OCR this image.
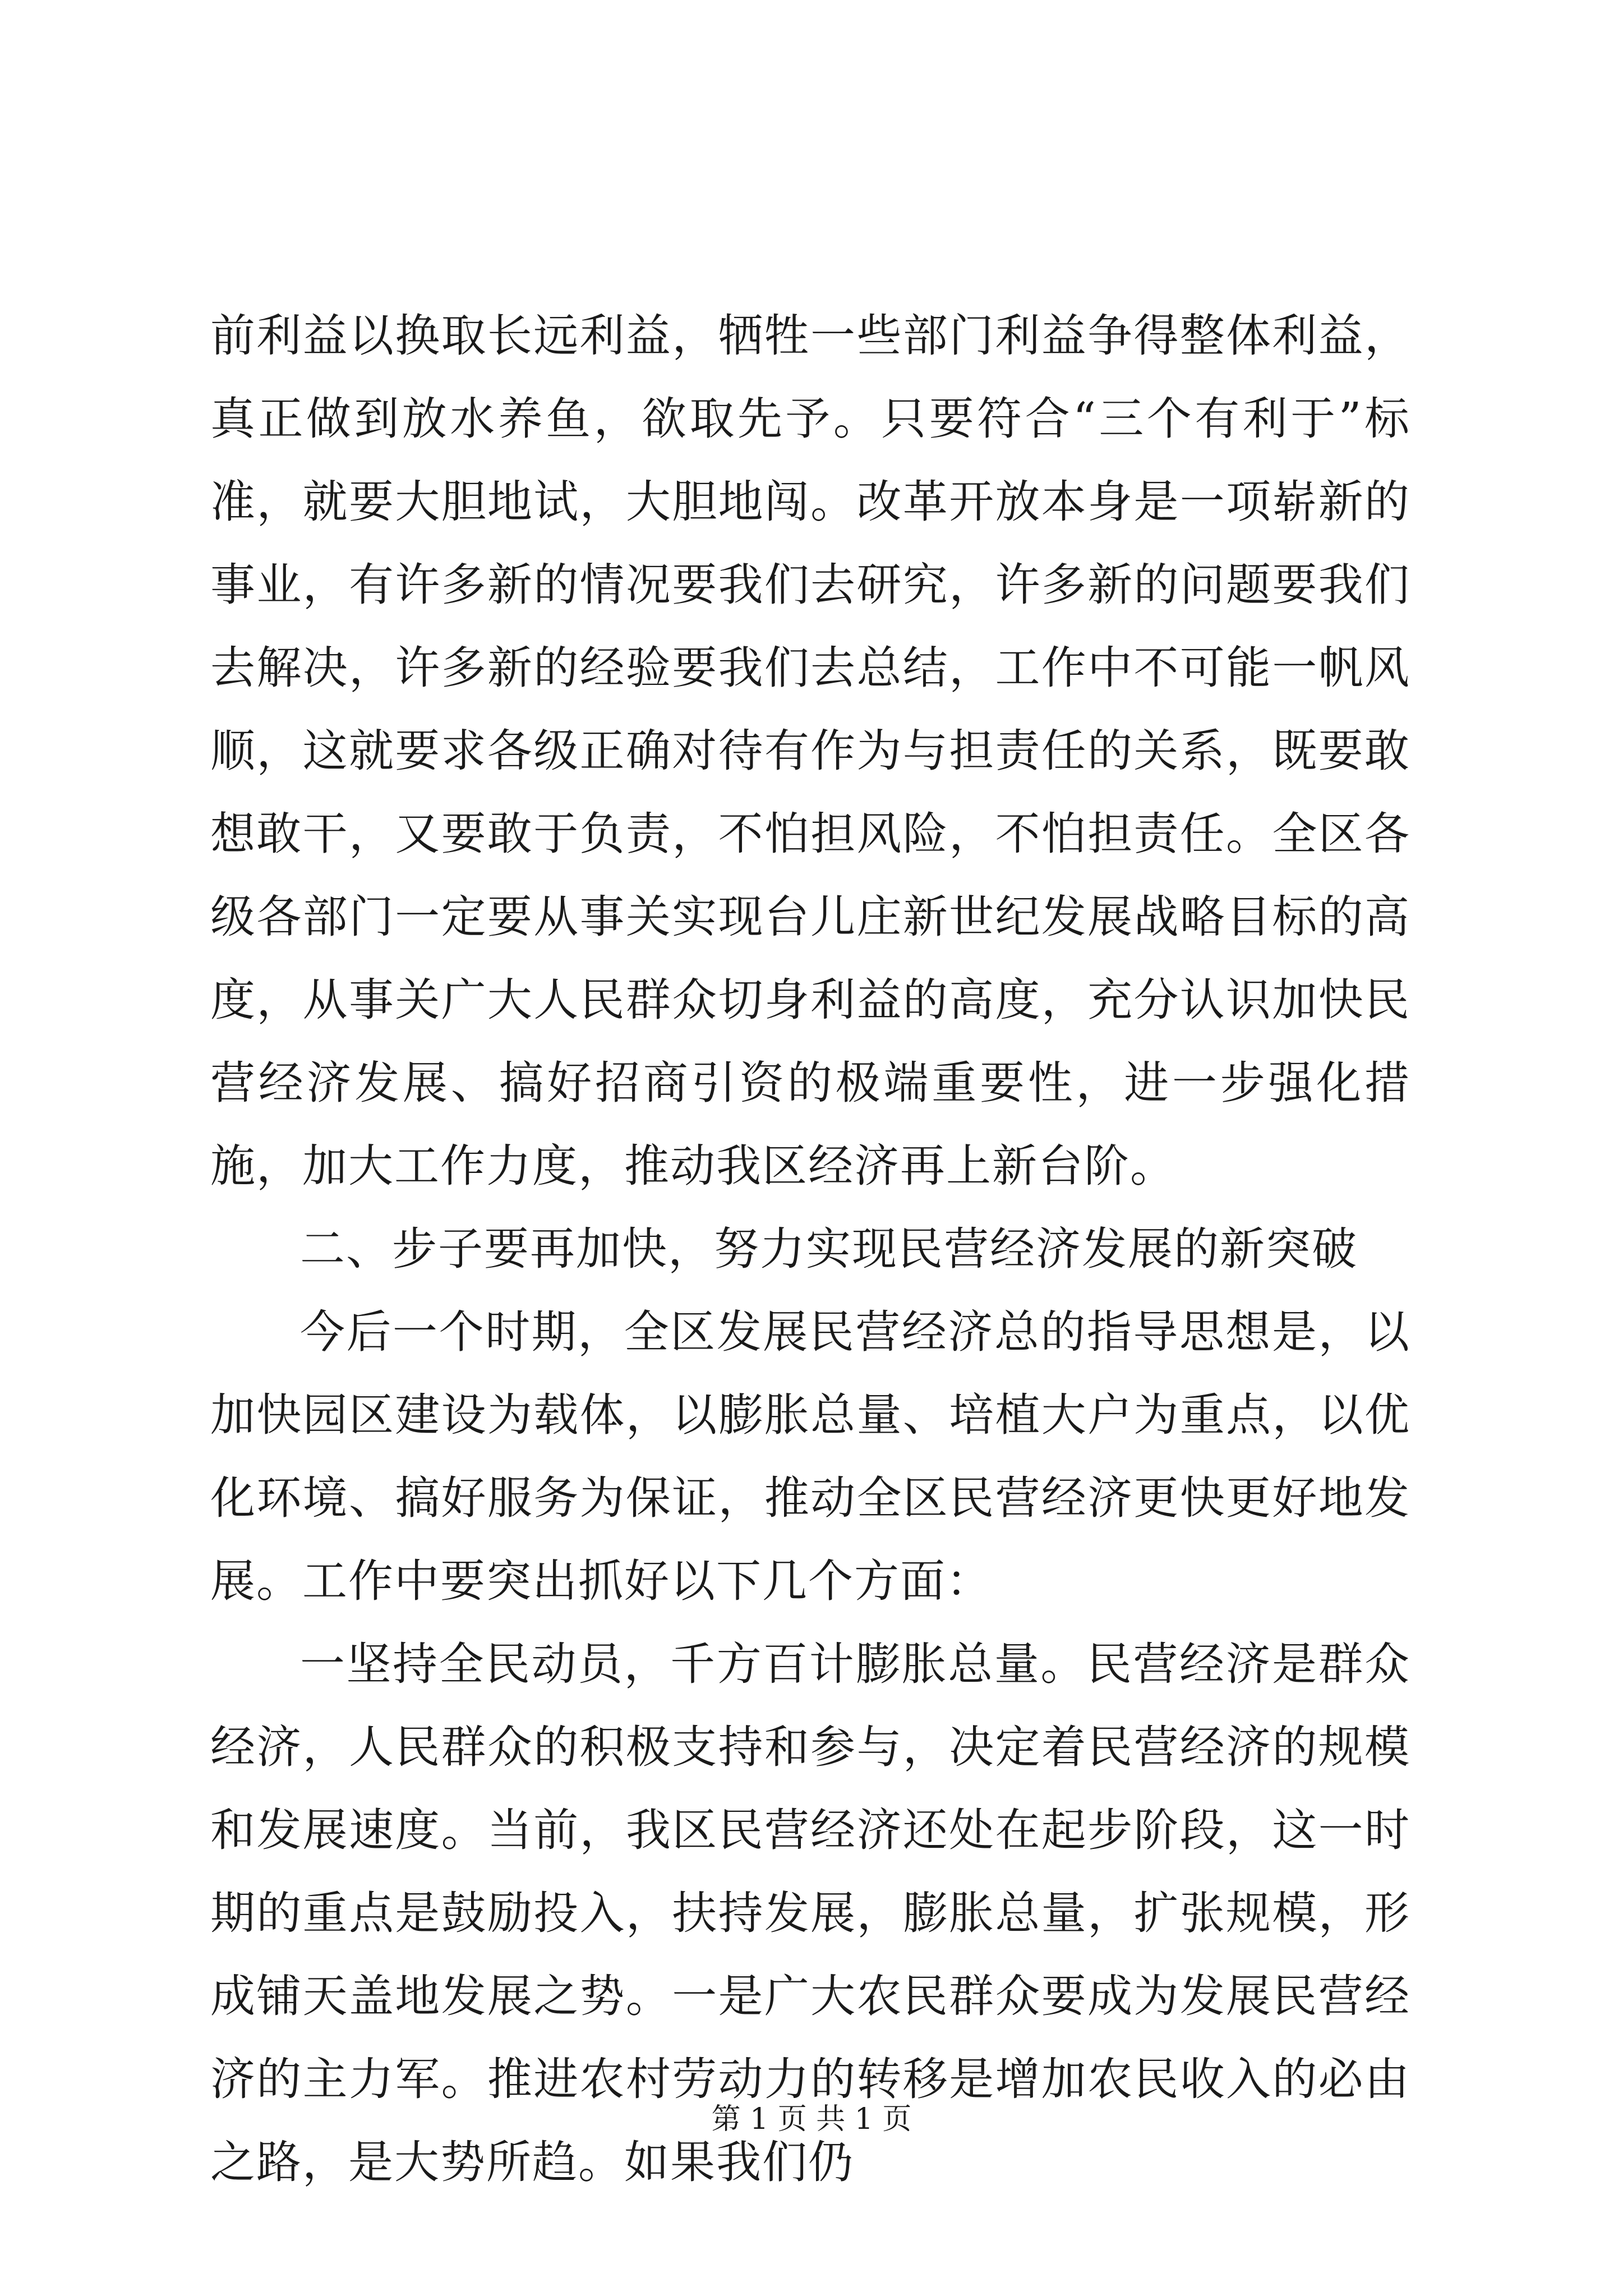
前利益以换取长远利益，牺牲一些部门利益争得整体利益，真正做到放水养鱼，欲取先予。只要符合“三个有利于”标准，就要大胆地试，大胆地闯。改革开放本身是一项崭新的事业，有许多新的情况要我们去研究，许多新的问题要我们去解决，许多新的经验要我们去总结，工作中不可能一帆风顺，这就要求各级正确对待有作为与担责任的关系，既要敢想敢干，又要敢于负责，不怕担风险，不怕担责任。全区各级各部门一定要从事关实现台儿庄新世纪发展战略目标的高度，从事关广大人民群众切身利益的高度，充分认识加快民营经济发展、搞好招商引资的极端重要性，进一步强化措施，加大工作力度，推动我区经济再上新台阶。

二、步子要再加快，努力实现民营经济发展的新突破

今后一个时期，全区发展民营经济总的指导思想是，以加快园区建设为载体，以膨胀总量、培植大户为重点，以优化环境、搞好服务为保证，推动全区民营经济更快更好地发展。工作中要突出抓好以下几个方面：

一坚持全民动员，千方百计膨胀总量。民营经济是群众经济，人民群众的积极支持和参与，决定着民营经济的规模和发展速度。当前，我区民营经济还处在起步阶段，这一时期的重点是鼓励投入，扶持发展，膨胀总量，扩张规模，形成铺天盖地发展之势。一是广大农民群众要成为发展民营经济的主力军。推进农村劳动力的转移是增加农民收入的必由之路，是大势所趋。如果我们仍

第 1 页 共 1 页
